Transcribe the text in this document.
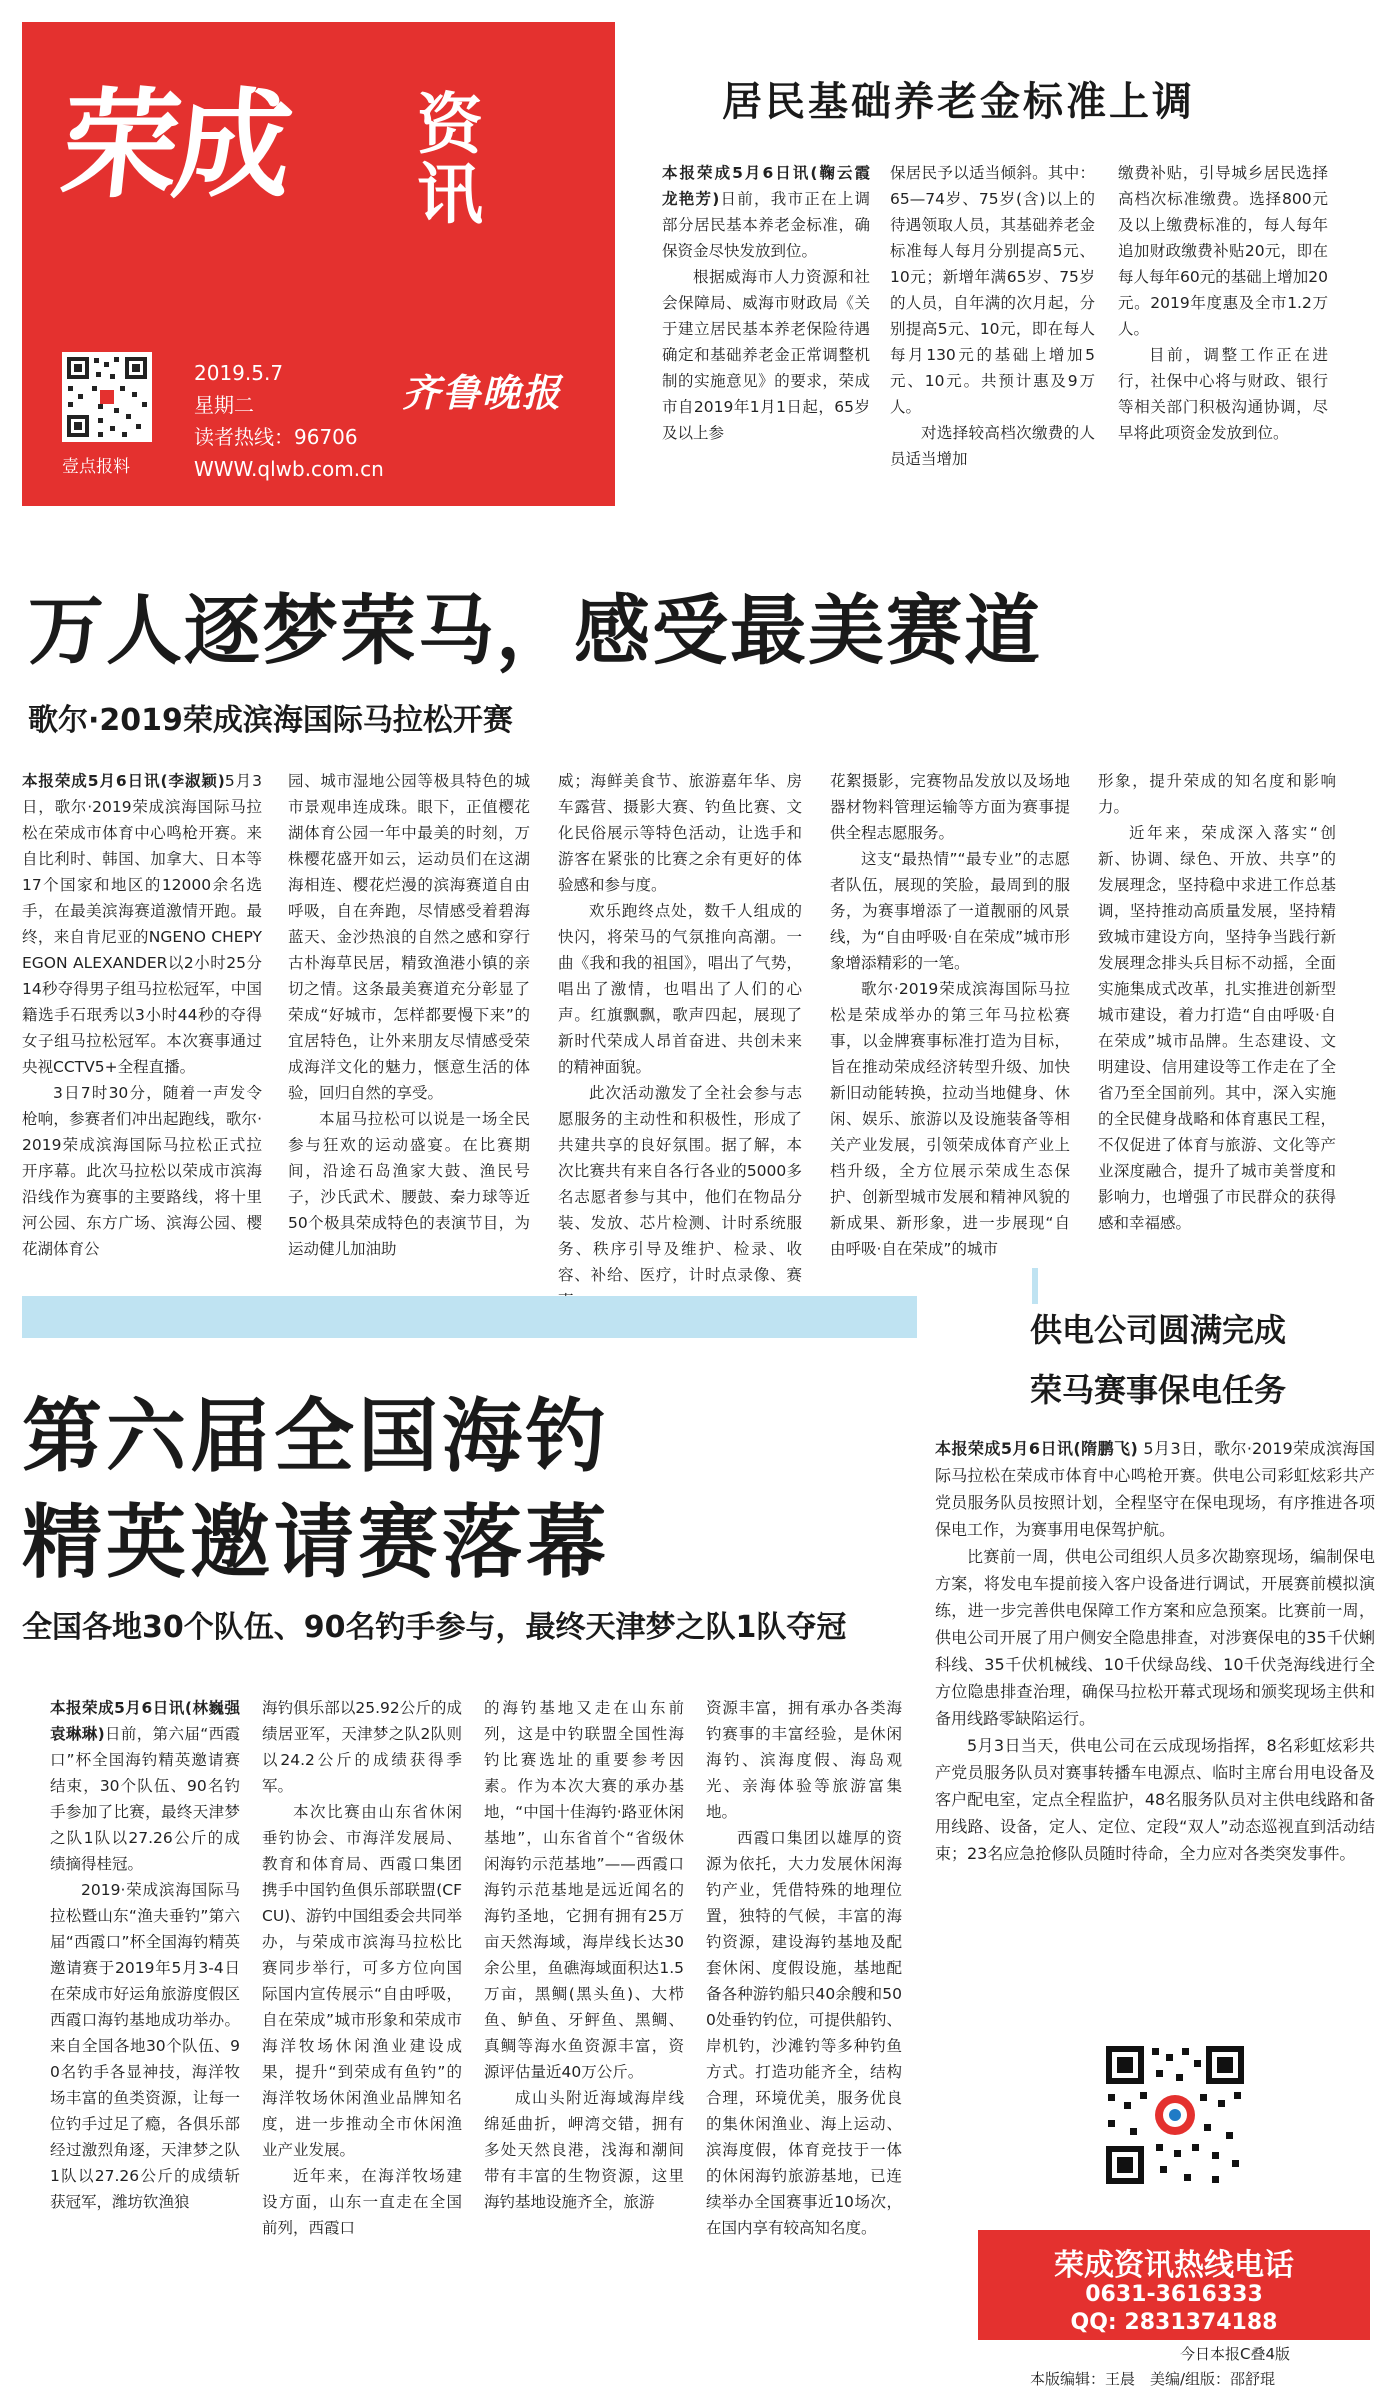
荣成 资讯
壹点报料
2019.5.7
星期二
读者热线：96706
WWW.qlwb.com.cn
齐鲁晚报
居民基础养老金标准上调

本报荣成5月6日讯(鞠云霞　龙艳芳)日前，我市正在上调部分居民基本养老金标准，确保资金尽快发放到位。

根据威海市人力资源和社会保障局、威海市财政局《关于建立居民基本养老保险待遇确定和基础养老金正常调整机制的实施意见》的要求，荣成市自2019年1月1日起，65岁及以上参

保居民予以适当倾斜。其中：65—74岁、75岁(含)以上的待遇领取人员，其基础养老金标准每人每月分别提高5元、10元；新增年满65岁、75岁的人员，自年满的次月起，分别提高5元、10元，即在每人每月130元的基础上增加5元、10元。共预计惠及9万人。

对选择较高档次缴费的人员适当增加

缴费补贴，引导城乡居民选择高档次标准缴费。选择800元及以上缴费标准的，每人每年追加财政缴费补贴20元，即在每人每年60元的基础上增加20元。2019年度惠及全市1.2万人。

目前，调整工作正在进行，社保中心将与财政、银行等相关部门积极沟通协调，尽早将此项资金发放到位。

万人逐梦荣马，感受最美赛道
歌尔·2019荣成滨海国际马拉松开赛

本报荣成5月6日讯(李淑颖)5月3日，歌尔·2019荣成滨海国际马拉松在荣成市体育中心鸣枪开赛。来自比利时、韩国、加拿大、日本等17个国家和地区的12000余名选手，在最美滨海赛道激情开跑。最终，来自肯尼亚的NGENO CHEPYEGON ALEXANDER以2小时25分14秒夺得男子组马拉松冠军，中国籍选手石珉秀以3小时44秒的夺得女子组马拉松冠军。本次赛事通过央视CCTV5+全程直播。

3日7时30分，随着一声发令枪响，参赛者们冲出起跑线，歌尔·2019荣成滨海国际马拉松正式拉开序幕。此次马拉松以荣成市滨海沿线作为赛事的主要路线，将十里河公园、东方广场、滨海公园、樱花湖体育公

园、城市湿地公园等极具特色的城市景观串连成珠。眼下，正值樱花湖体育公园一年中最美的时刻，万株樱花盛开如云，运动员们在这湖海相连、樱花烂漫的滨海赛道自由呼吸，自在奔跑，尽情感受着碧海蓝天、金沙热浪的自然之感和穿行古朴海草民居，精致渔港小镇的亲切之情。这条最美赛道充分彰显了荣成“好城市，怎样都要慢下来”的宜居特色，让外来朋友尽情感受荣成海洋文化的魅力，惬意生活的体验，回归自然的享受。

本届马拉松可以说是一场全民参与狂欢的运动盛宴。在比赛期间，沿途石岛渔家大鼓、渔民号子，沙氏武术、腰鼓、秦力球等近50个极具荣成特色的表演节目，为运动健儿加油助

威；海鲜美食节、旅游嘉年华、房车露营、摄影大赛、钓鱼比赛、文化民俗展示等特色活动，让选手和游客在紧张的比赛之余有更好的体验感和参与度。

欢乐跑终点处，数千人组成的快闪，将荣马的气氛推向高潮。一曲《我和我的祖国》，唱出了气势，唱出了激情，也唱出了人们的心声。红旗飘飘，歌声四起，展现了新时代荣成人昂首奋进、共创未来的精神面貌。

此次活动激发了全社会参与志愿服务的主动性和积极性，形成了共建共享的良好氛围。据了解，本次比赛共有来自各行各业的5000多名志愿者参与其中，他们在物品分装、发放、芯片检测、计时系统服务、秩序引导及维护、检录、收容、补给、医疗，计时点录像、赛

花絮摄影，完赛物品发放以及场地器材物料管理运输等方面为赛事提供全程志愿服务。

这支“最热情”“最专业”的志愿者队伍，展现的笑脸，最周到的服务，为赛事增添了一道靓丽的风景线，为“自由呼吸·自在荣成”城市形象增添精彩的一笔。

歌尔·2019荣成滨海国际马拉松是荣成举办的第三年马拉松赛事，以金牌赛事标准打造为目标，旨在推动荣成经济转型升级、加快新旧动能转换，拉动当地健身、休闲、娱乐、旅游以及设施装备等相关产业发展，引领荣成体育产业上档升级，全方位展示荣成生态保护、创新型城市发展和精神风貌的新成果、新形象，进一步展现“自由呼吸·自在荣成”的城市

形象，提升荣成的知名度和影响力。

近年来，荣成深入落实“创新、协调、绿色、开放、共享”的发展理念，坚持稳中求进工作总基调，坚持推动高质量发展，坚持精致城市建设方向，坚持争当践行新发展理念排头兵目标不动摇，全面实施集成式改革，扎实推进创新型城市建设，着力打造“自由呼吸·自在荣成”城市品牌。生态建设、文明建设、信用建设等工作走在了全省乃至全国前列。其中，深入实施的全民健身战略和体育惠民工程，不仅促进了体育与旅游、文化等产业深度融合，提升了城市美誉度和影响力，也增强了市民群众的获得感和幸福感。

第六届全国海钓
精英邀请赛落幕
全国各地30个队伍、90名钓手参与，最终天津梦之队1队夺冠

本报荣成5月6日讯(林巍强　袁琳琳)日前，第六届“西霞口”杯全国海钓精英邀请赛结束，30个队伍、90名钓手参加了比赛，最终天津梦之队1队以27.26公斤的成绩摘得桂冠。

2019·荣成滨海国际马拉松暨山东“渔夫垂钓”第六届“西霞口”杯全国海钓精英邀请赛于2019年5月3-4日在荣成市好运角旅游度假区西霞口海钓基地成功举办。来自全国各地30个队伍、90名钓手各显神技，海洋牧场丰富的鱼类资源，让每一位钓手过足了瘾，各俱乐部经过激烈角逐，天津梦之队1队以27.26公斤的成绩斩获冠军，潍坊钦渔狼

海钓俱乐部以25.92公斤的成绩居亚军，天津梦之队2队则以24.2公斤的成绩获得季军。

本次比赛由山东省休闲垂钓协会、市海洋发展局、教育和体育局、西霞口集团携手中国钓鱼俱乐部联盟(CFCU)、游钓中国组委会共同举办，与荣成市滨海马拉松比赛同步举行，可多方位向国际国内宣传展示“自由呼吸，自在荣成”城市形象和荣成市海洋牧场休闲渔业建设成果，提升“到荣成有鱼钓”的海洋牧场休闲渔业品牌知名度，进一步推动全市休闲渔业产业发展。

近年来，在海洋牧场建设方面，山东一直走在全国前列，西霞口

的海钓基地又走在山东前列，这是中钓联盟全国性海钓比赛选址的重要参考因素。作为本次大赛的承办基地，“中国十佳海钓·路亚休闲基地”，山东省首个“省级休闲海钓示范基地”——西霞口海钓示范基地是远近闻名的海钓圣地，它拥有拥有25万亩天然海域，海岸线长达30余公里，鱼礁海域面积达1.5万亩，黑鲷(黑头鱼)、大栉鱼、鲈鱼、牙鲆鱼、黑鲷、真鲷等海水鱼资源丰富，资源评估量近40万公斤。

成山头附近海域海岸线绵延曲折，岬湾交错，拥有多处天然良港，浅海和潮间带有丰富的生物资源，这里海钓基地设施齐全，旅游

资源丰富，拥有承办各类海钓赛事的丰富经验，是休闲海钓、滨海度假、海岛观光、亲海体验等旅游富集地。

西霞口集团以雄厚的资源为依托，大力发展休闲海钓产业，凭借特殊的地理位置，独特的气候，丰富的海钓资源，建设海钓基地及配套休闲、度假设施，基地配备各种游钓船只40余艘和500处垂钓钓位，可提供船钓、岸机钓，沙滩钓等多种钓鱼方式。打造功能齐全，结构合理，环境优美，服务优良的集休闲渔业、海上运动、滨海度假，体育竞技于一体的休闲海钓旅游基地，已连续举办全国赛事近10场次，在国内享有较高知名度。

供电公司圆满完成
荣马赛事保电任务

本报荣成5月6日讯(隋鹏飞) 5月3日，歌尔·2019荣成滨海国际马拉松在荣成市体育中心鸣枪开赛。供电公司彩虹炫彩共产党员服务队员按照计划，全程坚守在保电现场，有序推进各项保电工作，为赛事用电保驾护航。

比赛前一周，供电公司组织人员多次勘察现场，编制保电方案，将发电车提前接入客户设备进行调试，开展赛前模拟演练，进一步完善供电保障工作方案和应急预案。比赛前一周，供电公司开展了用户侧安全隐患排查，对涉赛保电的35千伏蜊科线、35千伏机械线、10千伏绿岛线、10千伏尧海线进行全方位隐患排查治理，确保马拉松开幕式现场和颁奖现场主供和备用线路零缺陷运行。

5月3日当天，供电公司在云成现场指挥，8名彩虹炫彩共产党员服务队员对赛事转播车电源点、临时主席台用电设备及客户配电室，定点全程监护，48名服务队员对主供电线路和备用线路、设备，定人、定位、定段“双人”动态巡视直到活动结束；23名应急抢修队员随时待命，全力应对各类突发事件。

荣成资讯热线电话
0631-3616333
QQ: 2831374188
今日本报C叠4版
本版编辑：王晨　美编/组版：邵舒琨
